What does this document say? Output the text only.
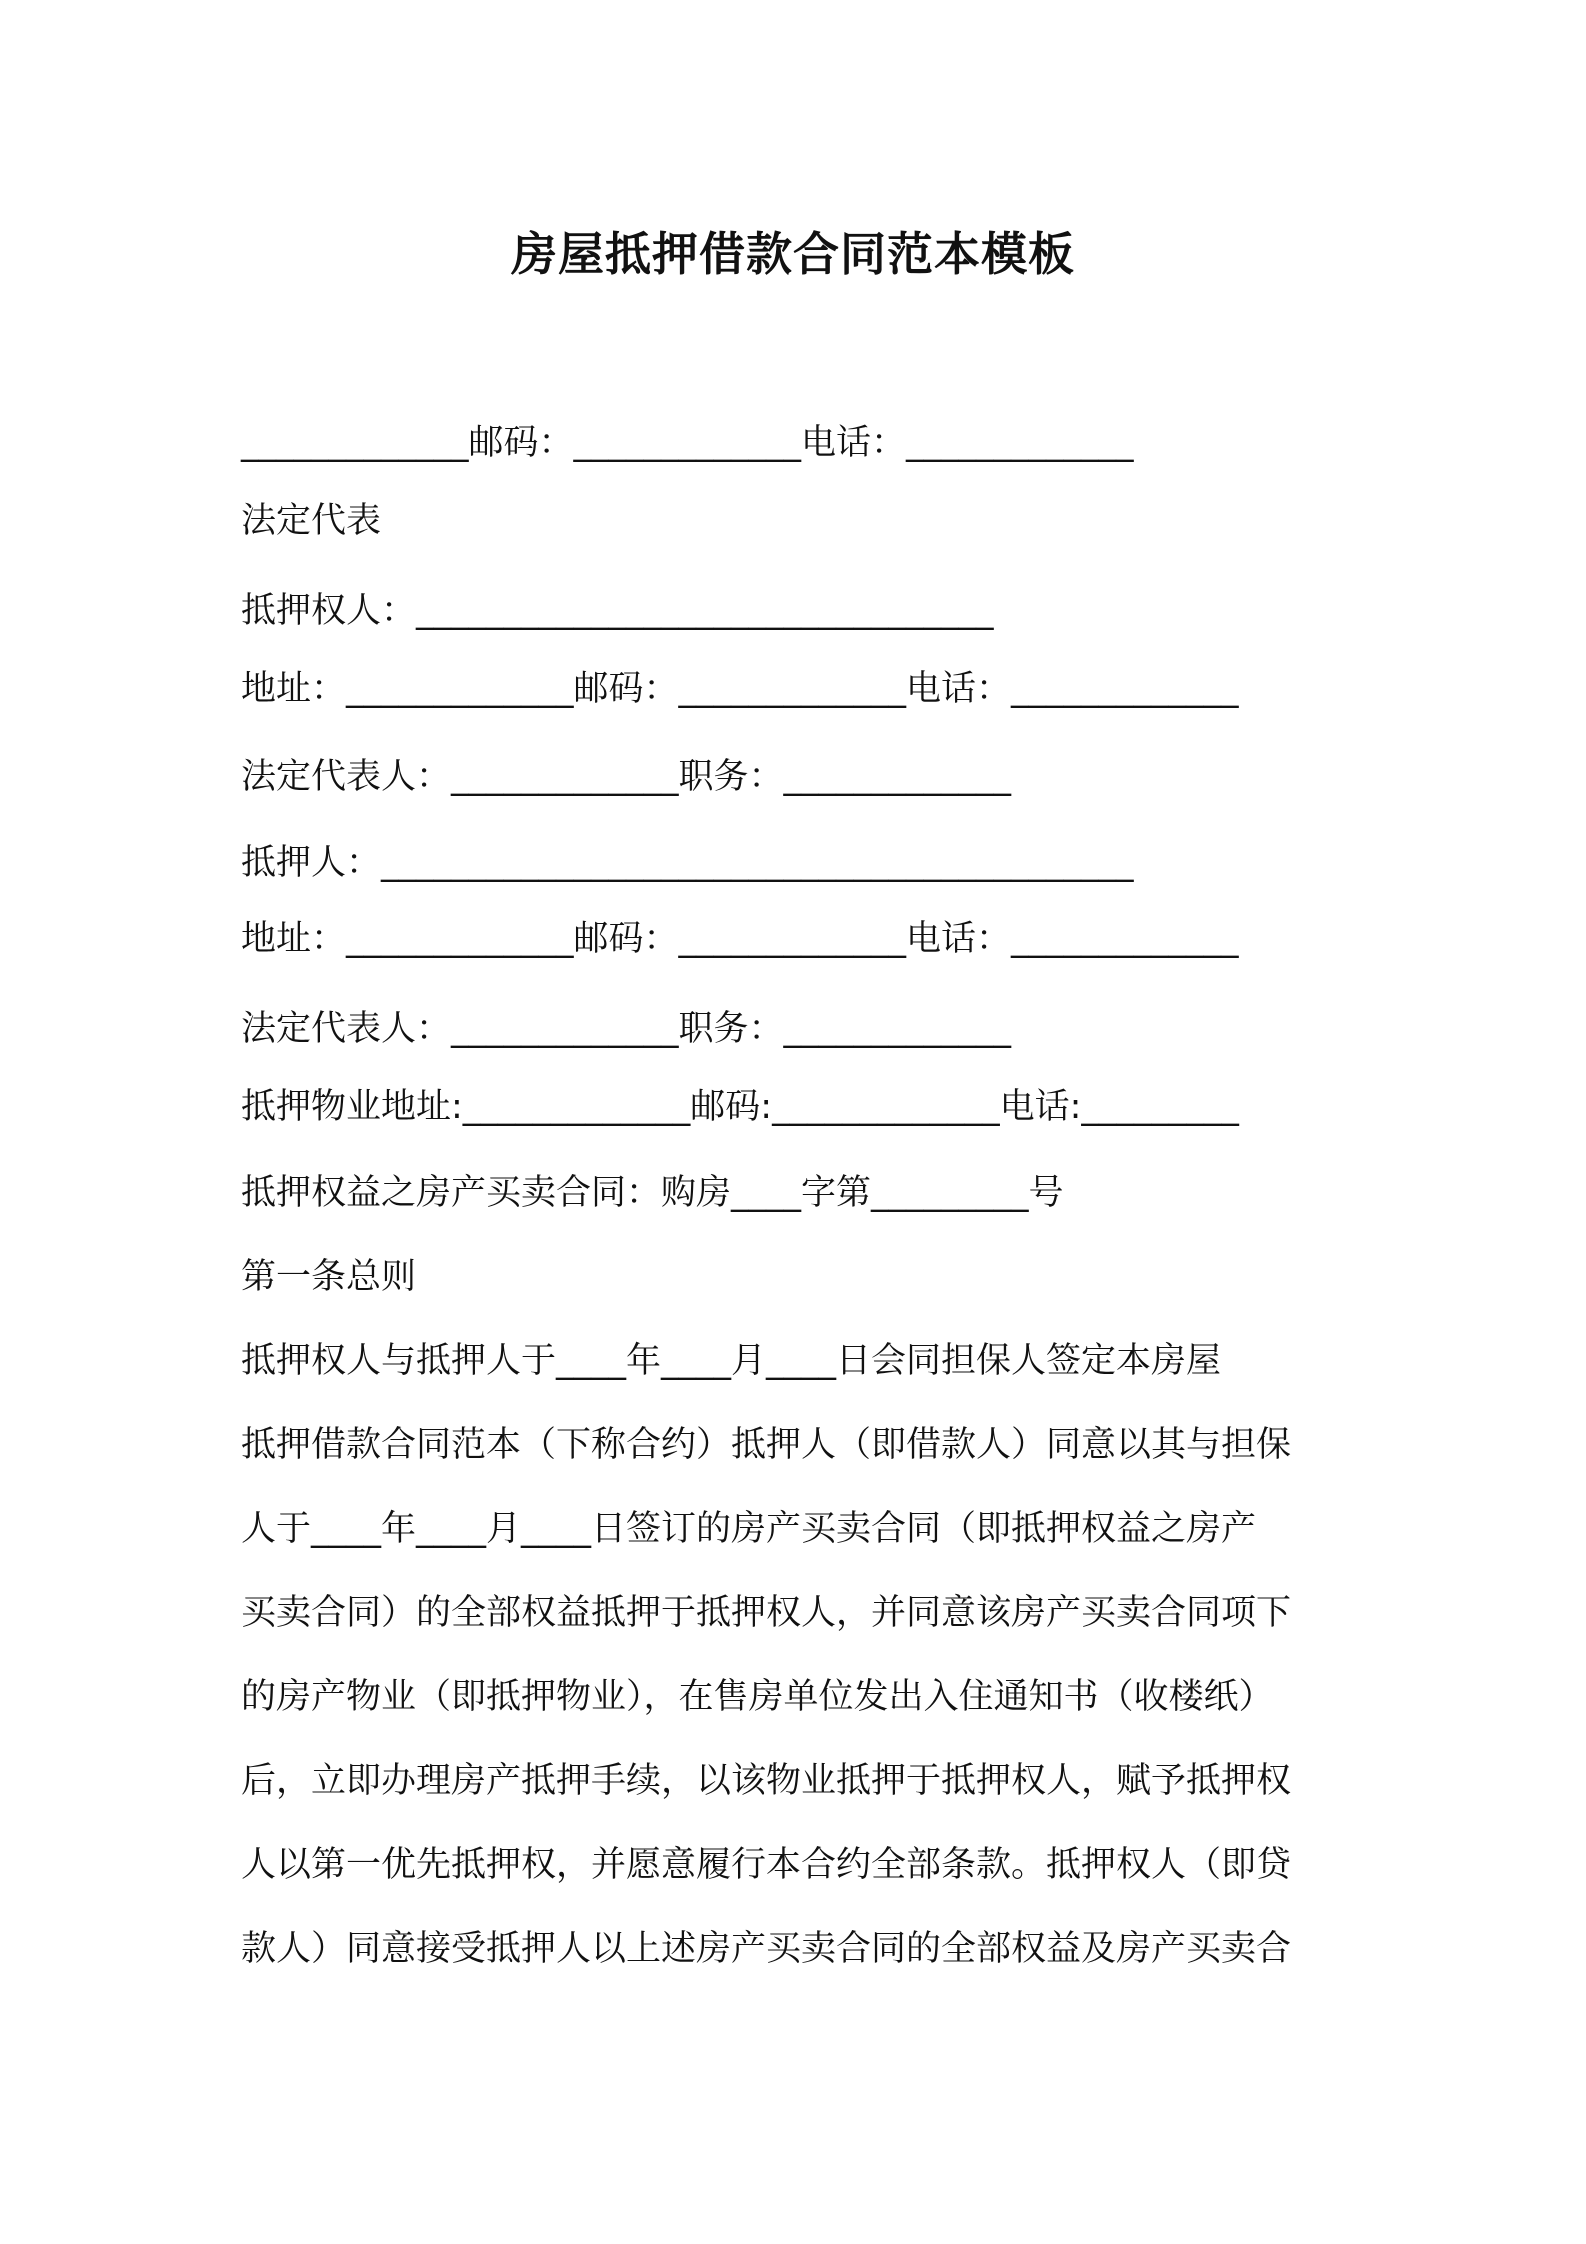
房屋抵押借款合同范本模板
_____________邮码：_____________电话：_____________
法定代表
抵押权人：_________________________________
地址：_____________邮码：_____________电话：_____________
法定代表人：_____________职务：_____________
抵押人：___________________________________________
地址：_____________邮码：_____________电话：_____________
法定代表人：_____________职务：_____________
抵押物业地址:_____________邮码:_____________电话:_________
抵押权益之房产买卖合同：购房____字第_________号
第一条总则
抵押权人与抵押人于____年____月____日会同担保人签定本房屋
抵押借款合同范本（下称合约）抵押人（即借款人）同意以其与担保
人于____年____月____日签订的房产买卖合同（即抵押权益之房产
买卖合同）的全部权益抵押于抵押权人，并同意该房产买卖合同项下
的房产物业（即抵押物业），在售房单位发出入住通知书（收楼纸）
后，立即办理房产抵押手续，以该物业抵押于抵押权人，赋予抵押权
人以第一优先抵押权，并愿意履行本合约全部条款。抵押权人（即贷
款人）同意接受抵押人以上述房产买卖合同的全部权益及房产买卖合
